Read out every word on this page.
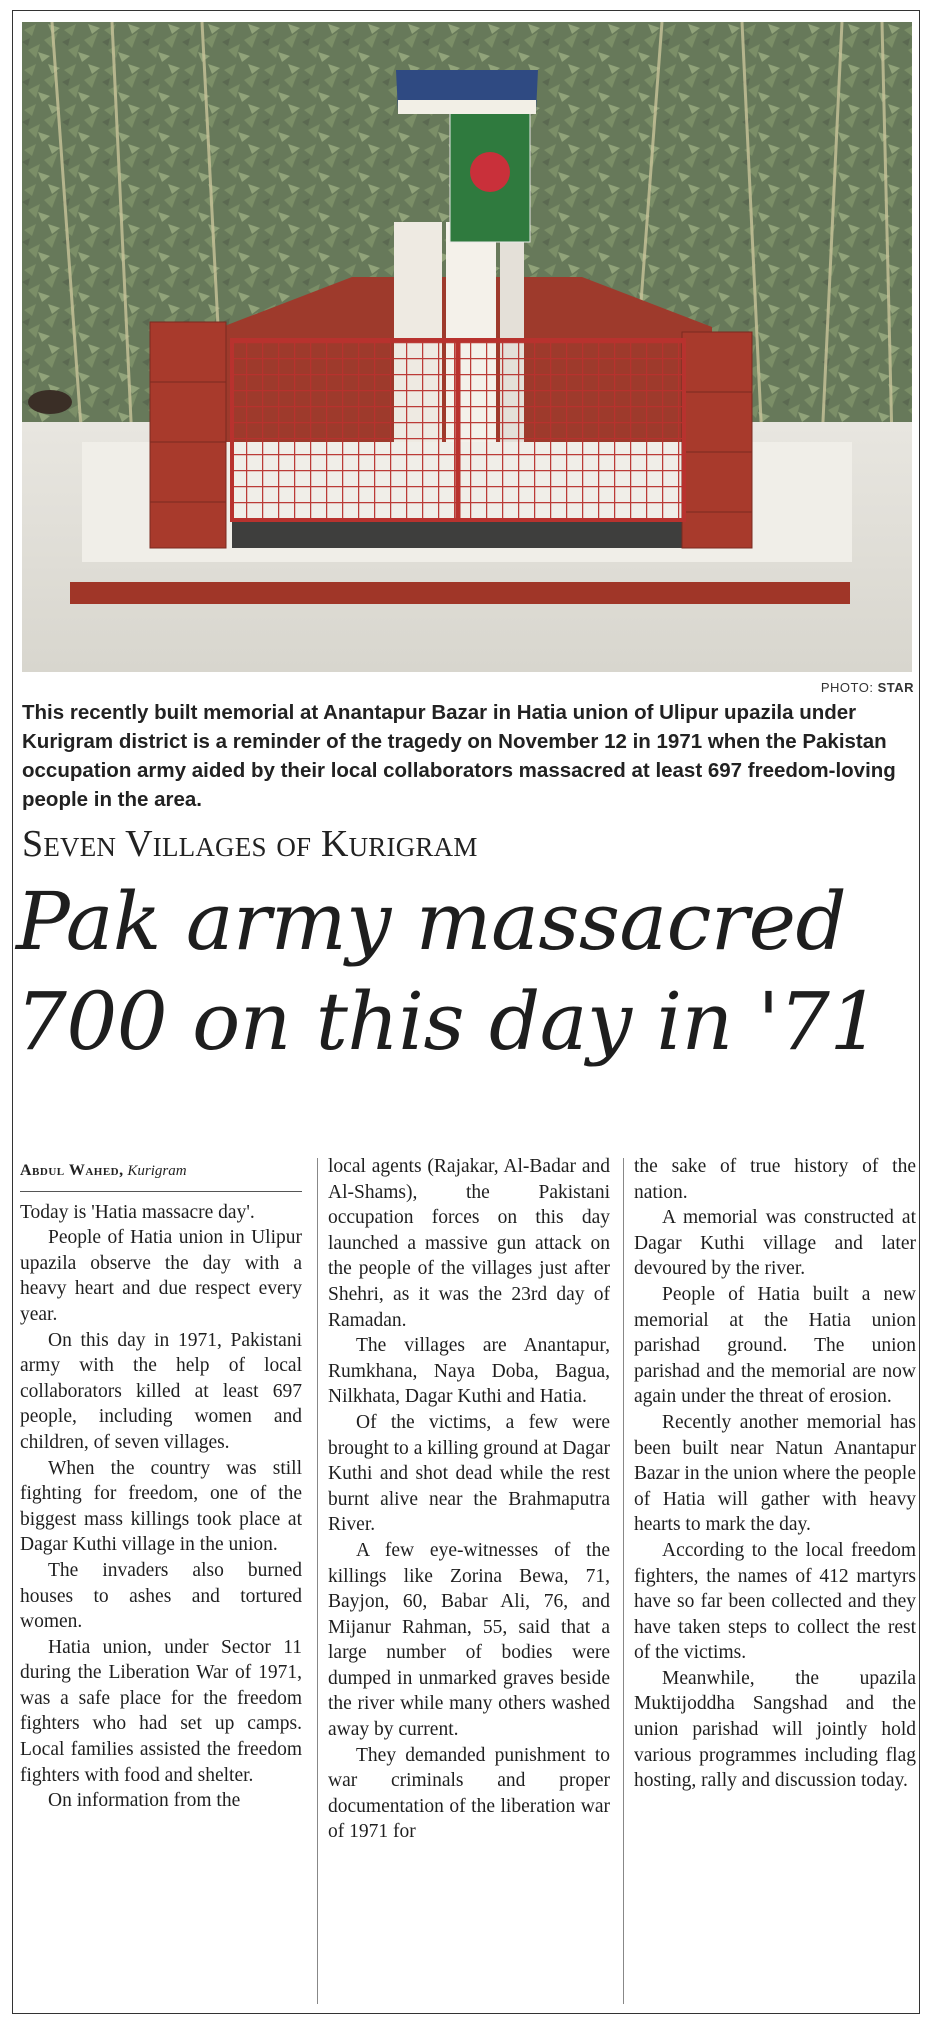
PHOTO: STAR
This recently built memorial at Anantapur Bazar in Hatia union of Ulipur upazila under Kurigram district is a reminder of the tragedy on November 12 in 1971 when the Pakistan occupation army aided by their local collaborators massacred at least 697 freedom-loving people in the area.
Seven Villages of Kurigram
Pak army massacred
700 on this day in '71
Abdul Wahed, Kurigram

Today is 'Hatia massacre day'.

People of Hatia union in Ulipur upazila observe the day with a heavy heart and due respect every year.

On this day in 1971, Pakistani army with the help of local collaborators killed at least 697 people, including women and children, of seven villages.

When the country was still fighting for freedom, one of the biggest mass killings took place at Dagar Kuthi village in the union.

The invaders also burned houses to ashes and tortured women.

Hatia union, under Sector 11 during the Liberation War of 1971, was a safe place for the freedom fighters who had set up camps. Local families assisted the freedom fighters with food and shelter.

On information from the

local agents (Rajakar, Al-Badar and Al-Shams), the Pakistani occupation forces on this day launched a massive gun attack on the people of the villages just after Shehri, as it was the 23rd day of Ramadan.

The villages are Anantapur, Rumkhana, Naya Doba, Bagua, Nilkhata, Dagar Kuthi and Hatia.

Of the victims, a few were brought to a killing ground at Dagar Kuthi and shot dead while the rest burnt alive near the Brahmaputra River.

A few eye-witnesses of the killings like Zorina Bewa, 71, Bayjon, 60, Babar Ali, 76, and Mijanur Rahman, 55, said that a large number of bodies were dumped in unmarked graves beside the river while many others washed away by current.

They demanded punishment to war criminals and proper documentation of the liberation war of 1971 for

the sake of true history of the nation.

A memorial was constructed at Dagar Kuthi village and later devoured by the river.

People of Hatia built a new memorial at the Hatia union parishad ground. The union parishad and the memorial are now again under the threat of erosion.

Recently another memorial has been built near Natun Anantapur Bazar in the union where the people of Hatia will gather with heavy hearts to mark the day.

According to the local freedom fighters, the names of 412 martyrs have so far been collected and they have taken steps to collect the rest of the victims.

Meanwhile, the upazila Muktijoddha Sangshad and the union parishad will jointly hold various programmes including flag hosting, rally and discussion today.
